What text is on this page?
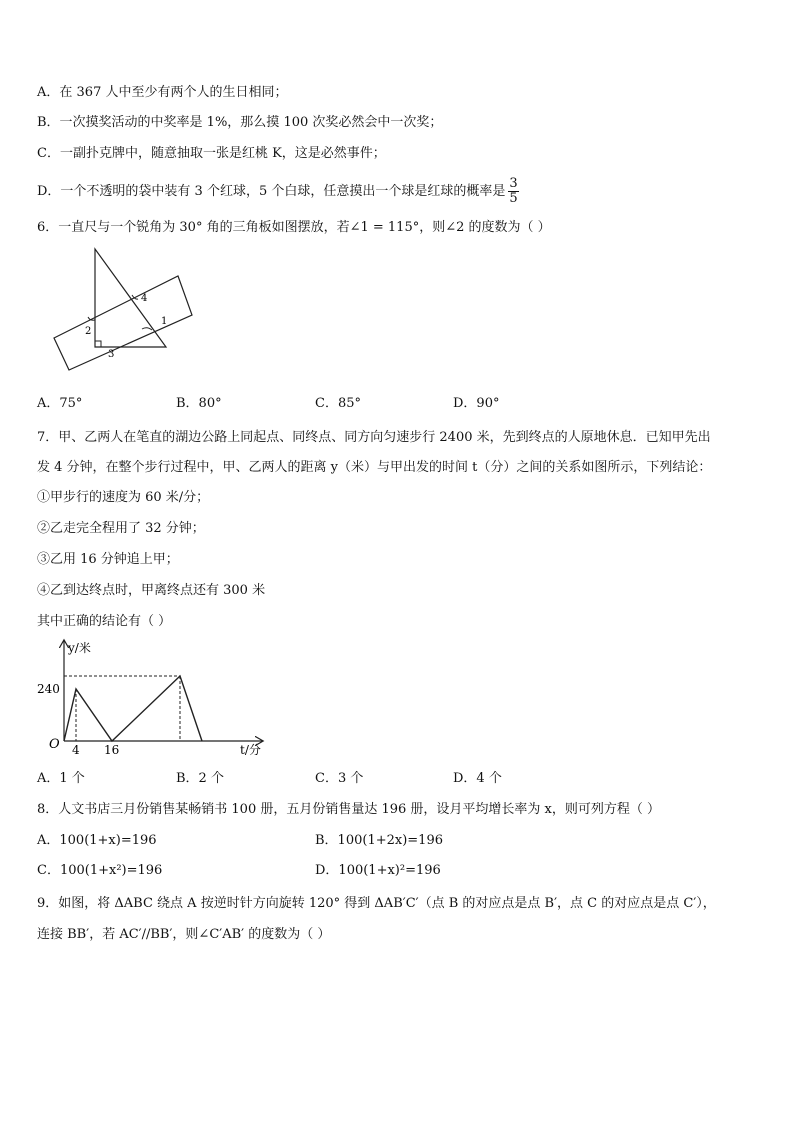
A．在 367 人中至少有两个人的生日相同；
B．一次摸奖活动的中奖率是 1%，那么摸 100 次奖必然会中一次奖；
C．一副扑克牌中，随意抽取一张是红桃 K，这是必然事件；
D．一个不透明的袋中装有 3 个红球，5 个白球，任意摸出一个球是红球的概率是 $\frac{3}{5}$
6．一直尺与一个锐角为 30° 角的三角板如图摆放，若∠1 = 115°，则∠2 的度数为（ ）
1
2
3
4
A．75°	B．80°	C．85°	D．90°
7．甲、乙两人在笔直的湖边公路上同起点、同终点、同方向匀速步行 2400 米，先到终点的人原地休息．已知甲先出
发 4 分钟，在整个步行过程中，甲、乙两人的距离 y（米）与甲出发的时间 t（分）之间的关系如图所示，下列结论：
①甲步行的速度为 60 米/分；
②乙走完全程用了 32 分钟；
③乙用 16 分钟追上甲；
④乙到达终点时，甲离终点还有 300 米
其中正确的结论有（ ）
y/米
t/分
O
240
4 16
A．1 个	B．2 个	C．3 个	D．4 个
8．人文书店三月份销售某畅销书 100 册，五月份销售量达 196 册，设月平均增长率为 x，则可列方程（ ）
A．100(1+x)=196	B．100(1+2x)=196
C．100(1+x²)=196	D．100(1+x)²=196
9．如图，将 ΔABC 绕点 A 按逆时针方向旋转 120° 得到 ΔAB′C′（点 B 的对应点是点 B′，点 C 的对应点是点 C′），
连接 BB′，若 AC′//BB′，则∠C′AB′ 的度数为（ ）
